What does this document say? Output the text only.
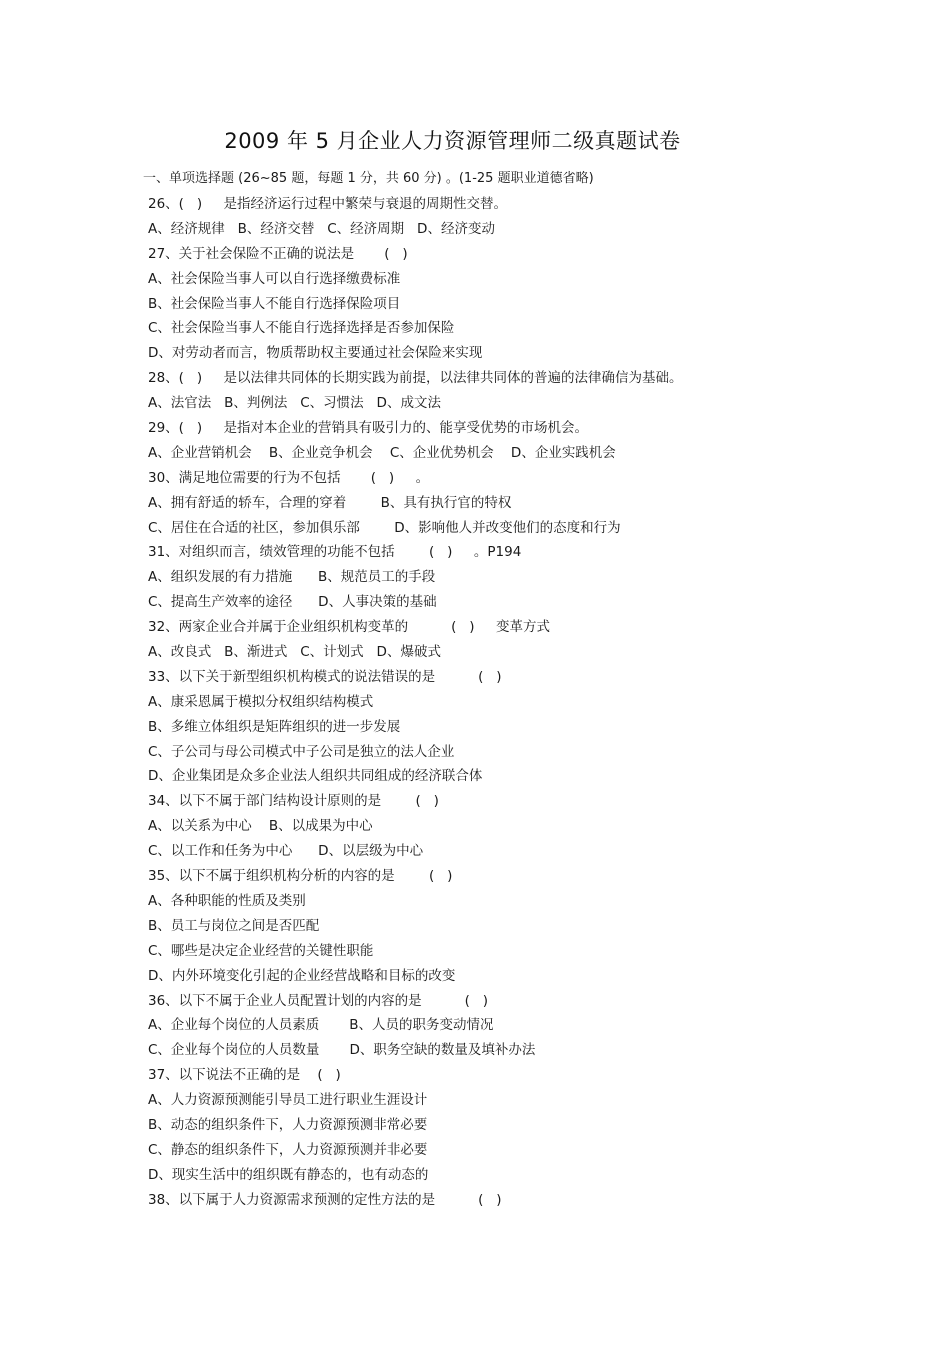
2009 年 5 月企业人力资源管理师二级真题试卷
一、单项选择题 (26~85 题，每题 1 分，共 60 分) 。(1-25 题职业道德省略)
26、(   )     是指经济运行过程中繁荣与衰退的周期性交替。
A、经济规律   B、经济交替   C、经济周期   D、经济变动
27、关于社会保险不正确的说法是       (   )
A、社会保险当事人可以自行选择缴费标准
B、社会保险当事人不能自行选择保险项目
C、社会保险当事人不能自行选择选择是否参加保险
D、对劳动者而言，物质帮助权主要通过社会保险来实现
28、(   )     是以法律共同体的长期实践为前提，以法律共同体的普遍的法律确信为基础。
A、法官法   B、判例法   C、习惯法   D、成文法
29、(   )     是指对本企业的营销具有吸引力的、能享受优势的市场机会。
A、企业营销机会    B、企业竞争机会    C、企业优势机会    D、企业实践机会
30、满足地位需要的行为不包括       (   )     。
A、拥有舒适的轿车，合理的穿着        B、具有执行官的特权
C、居住在合适的社区，参加俱乐部        D、影响他人并改变他们的态度和行为
31、对组织而言，绩效管理的功能不包括        (   )     。P194
A、组织发展的有力措施      B、规范员工的手段
C、提高生产效率的途径      D、人事决策的基础
32、两家企业合并属于企业组织机构变革的          (   )     变革方式
A、改良式   B、渐进式   C、计划式   D、爆破式
33、以下关于新型组织机构模式的说法错误的是          (   )
A、康采恩属于模拟分权组织结构模式
B、多维立体组织是矩阵组织的进一步发展
C、子公司与母公司模式中子公司是独立的法人企业
D、企业集团是众多企业法人组织共同组成的经济联合体
34、以下不属于部门结构设计原则的是        (   )
A、以关系为中心    B、以成果为中心
C、以工作和任务为中心      D、以层级为中心
35、以下不属于组织机构分析的内容的是        (   )
A、各种职能的性质及类别
B、员工与岗位之间是否匹配
C、哪些是决定企业经营的关键性职能
D、内外环境变化引起的企业经营战略和目标的改变
36、以下不属于企业人员配置计划的内容的是          (   )
A、企业每个岗位的人员素质       B、人员的职务变动情况
C、企业每个岗位的人员数量       D、职务空缺的数量及填补办法
37、以下说法不正确的是    (   )
A、人力资源预测能引导员工进行职业生涯设计
B、动态的组织条件下，人力资源预测非常必要
C、静态的组织条件下，人力资源预测并非必要
D、现实生活中的组织既有静态的，也有动态的
38、以下属于人力资源需求预测的定性方法的是          (   )
